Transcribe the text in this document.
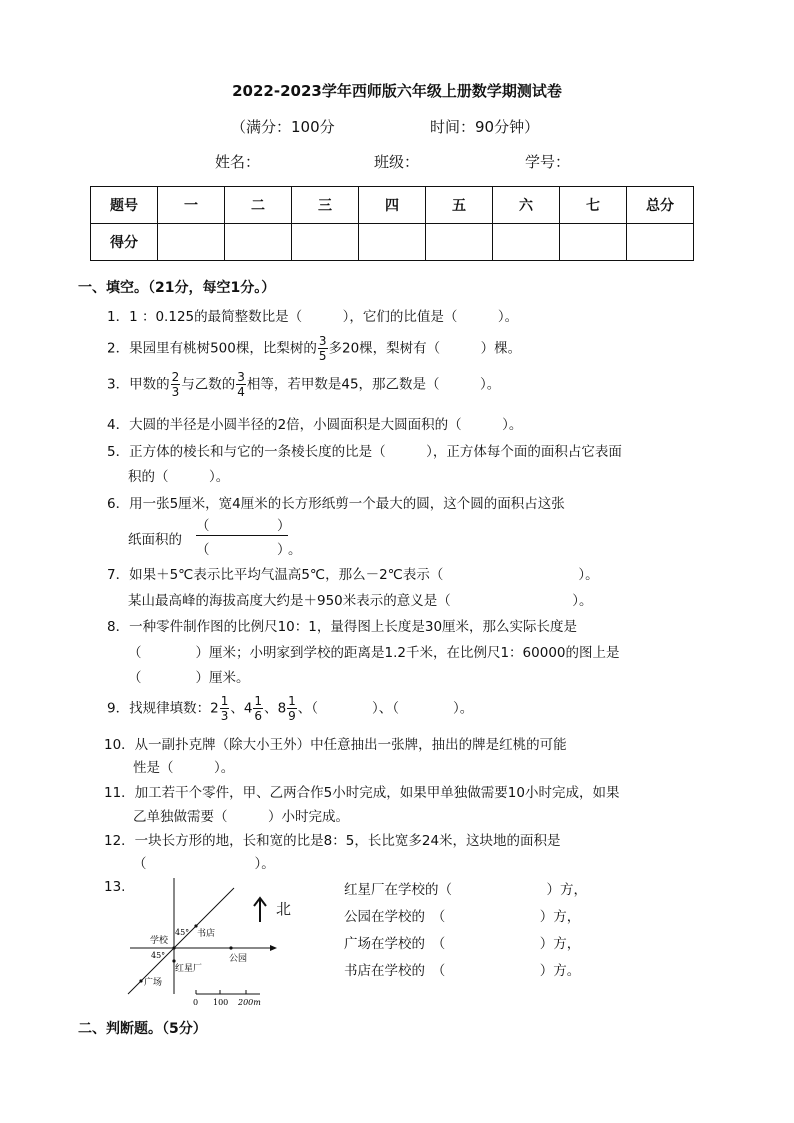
2022-2023学年西师版六年级上册数学期测试卷
（满分：100分	时间：90分钟）
姓名：	班级：	学号：
题号	一	二	三	四	五	六	七	总分
得分								
一、填空。（21分，每空1分。）
1．1 ：0.125的最简整数比是（　　　），它们的比值是（　　　）。
2．果园里有桃树500棵，比梨树的 $\frac{3}{5}$ 多20棵，梨树有（　　　）棵。
3．甲数的 $\frac{2}{3}$ 与乙数的 $\frac{3}{4}$ 相等，若甲数是45，那乙数是（　　　）。
4．大圆的半径是小圆半径的2倍，小圆面积是大圆面积的（　　　）。
5．正方体的棱长和与它的一条棱长度的比是（　　　），正方体每个面的面积占它表面
积的（　　　）。
6．用一张5厘米，宽4厘米的长方形纸剪一个最大的圆，这个圆的面积占这张
纸面积的
（　　　　　）
（　　　　　）
。
7．如果＋5℃表示比平均气温高5℃，那么－2℃表示（　　　　　　　　　　）。
某山最高峰的海拔高度大约是＋950米表示的意义是（　　　　　　　　　）。
8．一种零件制作图的比例尺10：1，量得图上长度是30厘米，那么实际长度是
（　　　　）厘米；小明家到学校的距离是1.2千米，在比例尺1：60000的图上是
（　　　　）厘米。
9．找规律填数：$2 \frac{1}{3}$ 、$4 \frac{1}{6}$ 、$8 \frac{1}{9}$ 、（　　　　）、（　　　　）。
10．从一副扑克牌（除大小王外）中任意抽出一张牌，抽出的牌是红桃的可能
性是（　　　）。
11．加工若干个零件，甲、乙两合作5小时完成，如果甲单独做需要10小时完成，如果
乙单独做需要（　　　）小时完成。
12．一块长方形的地，长和宽的比是8：5，长比宽多24米，这块地的面积是
（　　　　　　　　）。
13.
学校
书店
45°
45°	公园
红星厂
广场
0 100 200m
北
红星厂在学校的（　　　　　　　）方，
公园在学校的　（　　　　　　　）方，
广场在学校的　（　　　　　　　）方，
书店在学校的　（　　　　　　　）方。
二、判断题。（5分）
